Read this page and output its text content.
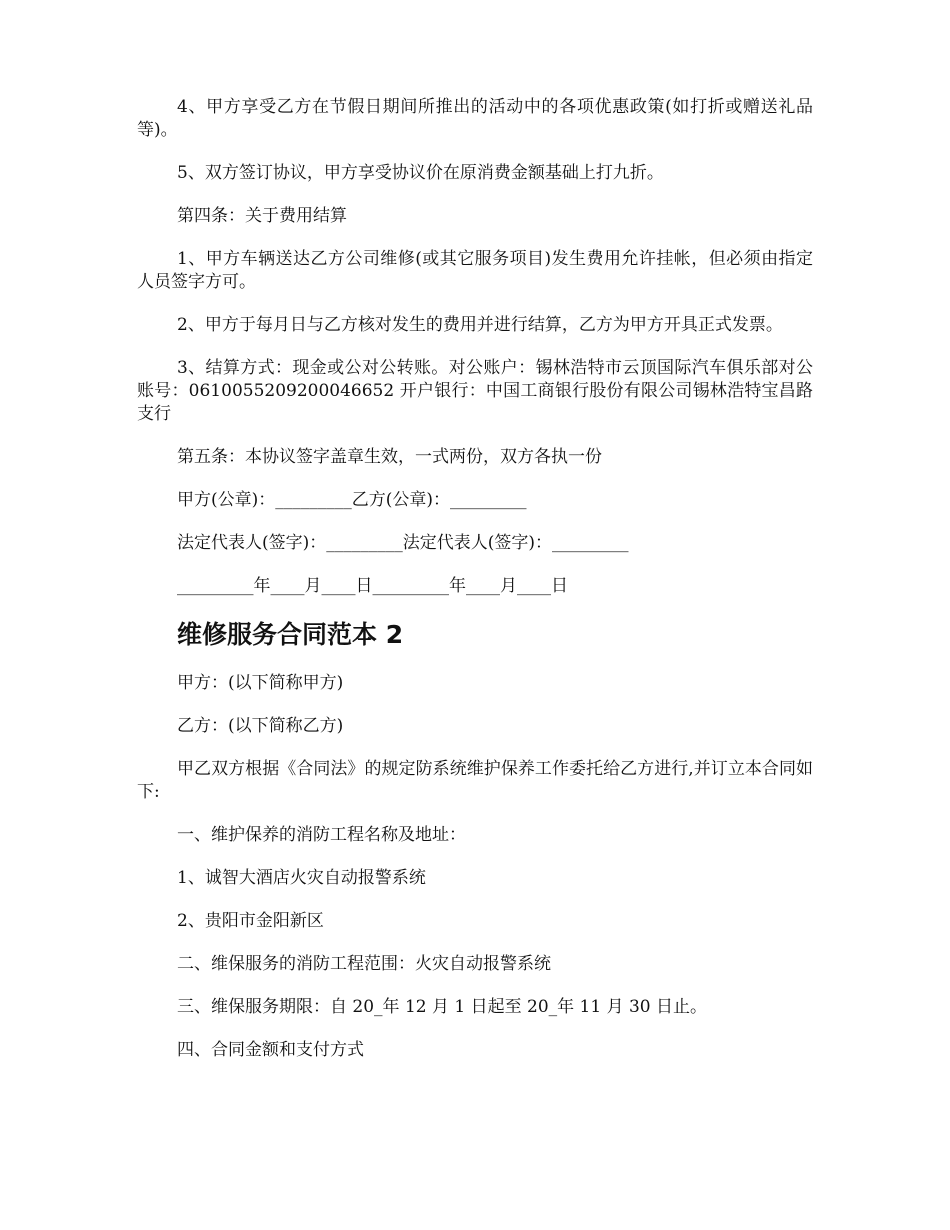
4、甲方享受乙方在节假日期间所推出的活动中的各项优惠政策(如打折或赠送礼品等)。

5、双方签订协议，甲方享受协议价在原消费金额基础上打九折。

第四条：关于费用结算

1、甲方车辆送达乙方公司维修(或其它服务项目)发生费用允许挂帐，但必须由指定人员签字方可。

2、甲方于每月日与乙方核对发生的费用并进行结算，乙方为甲方开具正式发票。

3、结算方式：现金或公对公转账。对公账户：锡林浩特市云顶国际汽车俱乐部对公账号：0610055209200046652 开户银行：中国工商银行股份有限公司锡林浩特宝昌路支行

第五条：本协议签字盖章生效，一式两份，双方各执一份

甲方(公章)：_________乙方(公章)：_________

法定代表人(签字)：_________法定代表人(签字)：_________

_________年____月____日_________年____月____日

维修服务合同范本 2

甲方：(以下简称甲方)

乙方：(以下简称乙方)

甲乙双方根据《合同法》的规定防系统维护保养工作委托给乙方进行,并订立本合同如下:

一、维护保养的消防工程名称及地址：

1、诚智大酒店火灾自动报警系统

2、贵阳市金阳新区

二、维保服务的消防工程范围：火灾自动报警系统

三、维保服务期限：自 20_年 12 月 1 日起至 20_年 11 月 30 日止。

四、合同金额和支付方式
